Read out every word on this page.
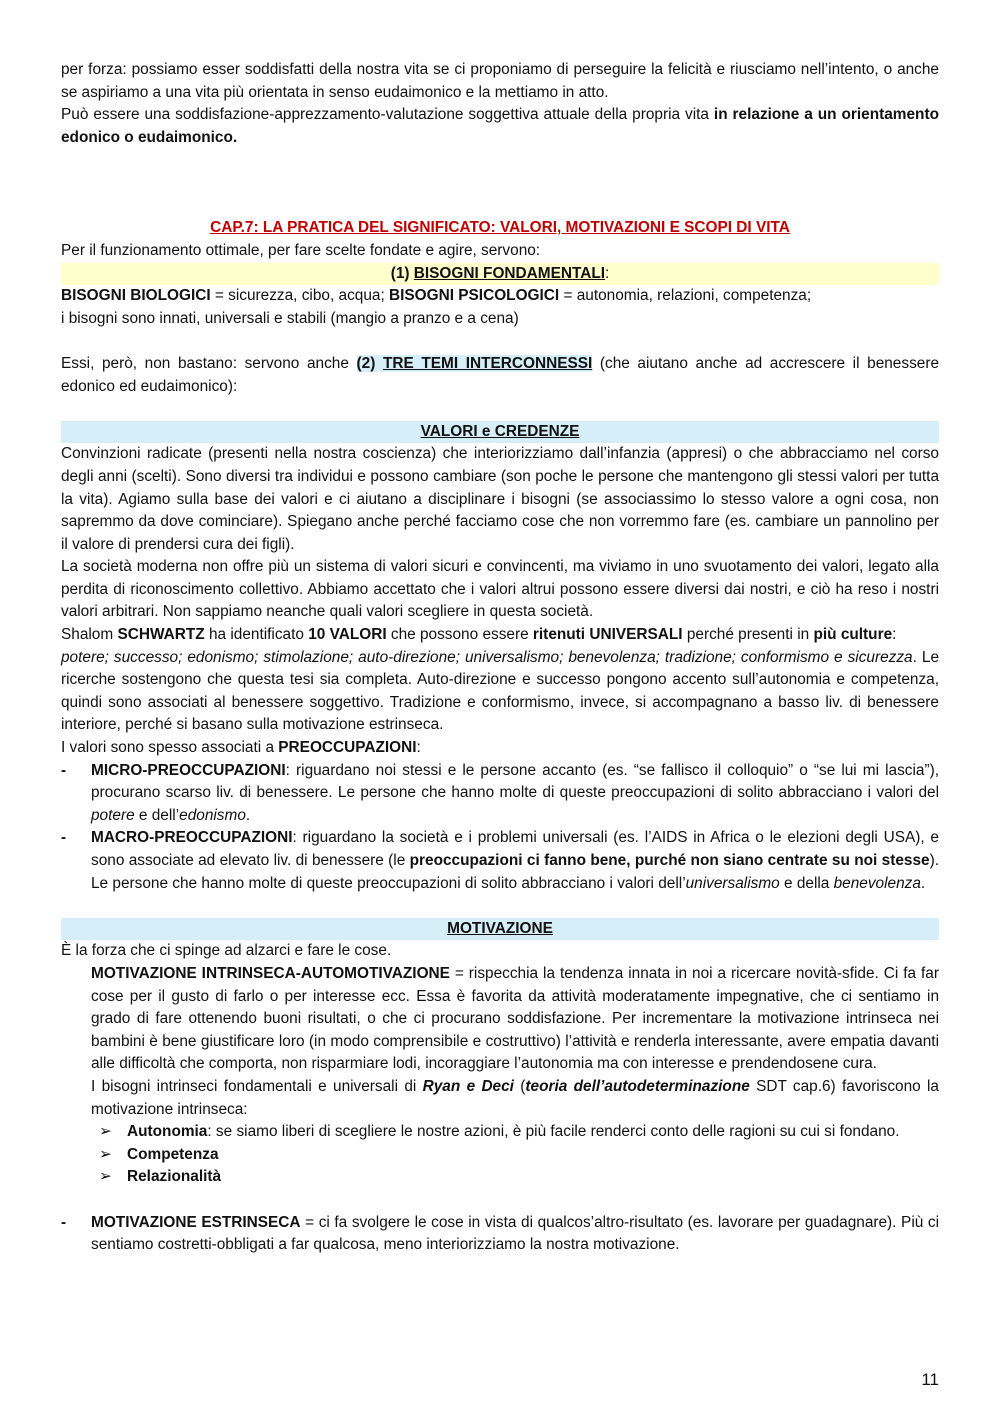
per forza: possiamo esser soddisfatti della nostra vita se ci proponiamo di perseguire la felicità e riusciamo nell’intento, o anche se aspiriamo a una vita più orientata in senso eudaimonico e la mettiamo in atto.

Può essere una soddisfazione-apprezzamento-valutazione soggettiva attuale della propria vita in relazione a un orientamento edonico o eudaimonico.

CAP.7: LA PRATICA DEL SIGNIFICATO: VALORI, MOTIVAZIONI E SCOPI DI VITA

Per il funzionamento ottimale, per fare scelte fondate e agire, servono:

(1) BISOGNI FONDAMENTALI:

BISOGNI BIOLOGICI = sicurezza, cibo, acqua; BISOGNI PSICOLOGICI = autonomia, relazioni, competenza;

i bisogni sono innati, universali e stabili (mangio a pranzo e a cena)

Essi, però, non bastano: servono anche (2) TRE TEMI INTERCONNESSI (che aiutano anche ad accrescere il benessere edonico ed eudaimonico):

VALORI e CREDENZE

Convinzioni radicate (presenti nella nostra coscienza) che interiorizziamo dall’infanzia (appresi) o che abbracciamo nel corso degli anni (scelti). Sono diversi tra individui e possono cambiare (son poche le persone che mantengono gli stessi valori per tutta la vita). Agiamo sulla base dei valori e ci aiutano a disciplinare i bisogni (se associassimo lo stesso valore a ogni cosa, non sapremmo da dove cominciare). Spiegano anche perché facciamo cose che non vorremmo fare (es. cambiare un pannolino per il valore di prendersi cura dei figli).

La società moderna non offre più un sistema di valori sicuri e convincenti, ma viviamo in uno svuotamento dei valori, legato alla perdita di riconoscimento collettivo. Abbiamo accettato che i valori altrui possono essere diversi dai nostri, e ciò ha reso i nostri valori arbitrari. Non sappiamo neanche quali valori scegliere in questa società.

Shalom SCHWARTZ ha identificato 10 VALORI che possono essere ritenuti UNIVERSALI perché presenti in più culture:

potere; successo; edonismo; stimolazione; auto-direzione; universalismo; benevolenza; tradizione; conformismo e sicurezza. Le ricerche sostengono che questa tesi sia completa. Auto-direzione e successo pongono accento sull’autonomia e competenza, quindi sono associati al benessere soggettivo. Tradizione e conformismo, invece, si accompagnano a basso liv. di benessere interiore, perché si basano sulla motivazione estrinseca.

I valori sono spesso associati a PREOCCUPAZIONI:

-	MICRO-PREOCCUPAZIONI: riguardano noi stessi e le persone accanto (es. “se fallisco il colloquio” o “se lui mi lascia”), procurano scarso liv. di benessere. Le persone che hanno molte di queste preoccupazioni di solito abbracciano i valori del potere e dell’edonismo.

-	MACRO-PREOCCUPAZIONI: riguardano la società e i problemi universali (es. l’AIDS in Africa o le elezioni degli USA), e sono associate ad elevato liv. di benessere (le preoccupazioni ci fanno bene, purché non siano centrate su noi stesse). Le persone che hanno molte di queste preoccupazioni di solito abbracciano i valori dell’universalismo e della benevolenza.

MOTIVAZIONE

È la forza che ci spinge ad alzarci e fare le cose.

MOTIVAZIONE INTRINSECA-AUTOMOTIVAZIONE = rispecchia la tendenza innata in noi a ricercare novità-sfide. Ci fa far cose per il gusto di farlo o per interesse ecc. Essa è favorita da attività moderatamente impegnative, che ci sentiamo in grado di fare ottenendo buoni risultati, o che ci procurano soddisfazione. Per incrementare la motivazione intrinseca nei bambini è bene giustificare loro (in modo comprensibile e costruttivo) l’attività e renderla interessante, avere empatia davanti alle difficoltà che comporta, non risparmiare lodi, incoraggiare l’autonomia ma con interesse e prendendosene cura.

I bisogni intrinseci fondamentali e universali di Ryan e Deci (teoria dell’autodeterminazione SDT cap.6) favoriscono la motivazione intrinseca:

➢ Autonomia: se siamo liberi di scegliere le nostre azioni, è più facile renderci conto delle ragioni su cui si fondano.

➢ Competenza

➢ Relazionalità

-	MOTIVAZIONE ESTRINSECA = ci fa svolgere le cose in vista di qualcos’altro-risultato (es. lavorare per guadagnare). Più ci sentiamo costretti-obbligati a far qualcosa, meno interiorizziamo la nostra motivazione.

11
